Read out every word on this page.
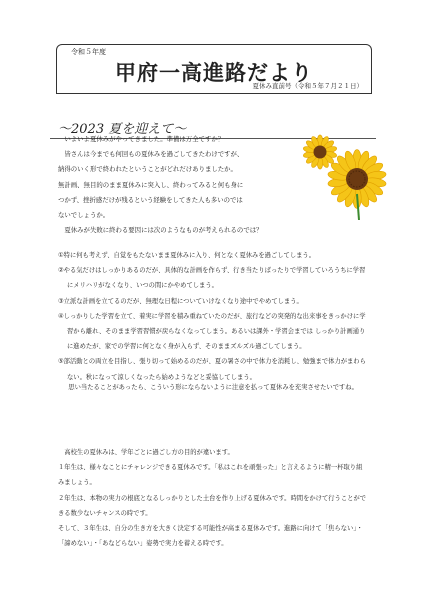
令和５年度
甲府一高進路だより
夏休み直前号（令和５年７月２１日）
～2023 夏を迎えて～
いよいよ夏休みがやってきました。準備は万全ですか？
皆さんは今までも何回もの夏休みを過ごしてきたわけですが、
納得のいく形で終われたということがどれだけありましたか。
無計画、無目的のまま夏休みに突入し、終わってみると何も身に
つかず、挫折感だけが残るという経験をしてきた人も多いのでは
ないでしょうか。
夏休みが失敗に終わる要因には次のようなものが考えられるのでは？
①特に何も考えず、自覚をもたないまま夏休みに入り、何となく夏休みを過ごしてしまう。
②やる気だけはしっかりあるのだが、具体的な計画を作らず、行き当たりばったりで学習していろうちに学習にメリハリがなくなり、いつの間にかやめてしまう。
③立派な計画を立てるのだが、無理な日程についていけなくなり途中でやめてしまう。
④しっかりした学習を立て、着実に学習を積み重ねていたのだが、旅行などの突発的な出来事をきっかけに学習から離れ、そのまま学習習慣が戻らなくなってしまう。あるいは課外・学習会までは しっかり計画通りに進めたが、家での学習に何となく身が入らず、そのままズルズル過ごしてしまう。
⑤部活動との両立を目指し、張り切って始めるのだが、夏の暑さの中で体力を消耗し、勉強まで体力がまわらない。秋になって涼しくなったら始めようなどと妥協してしまう。

思い当たることがあったら、こういう形にならないように注意を払って夏休みを充実させたいですね。

高校生の夏休みは、学年ごとに過ごし方の目的が違います。
１年生は、様々なことにチャレンジできる夏休みです。「私はこれを頑張った」と言えるように精一杯取り組みましょう。
２年生は、本物の実力の根底となるしっかりとした土台を作り上げる夏休みです。時間をかけて行うことができる数少ないチャンスの時です。
そして、３年生は、自分の生き方を大きく決定する可能性が高まる夏休みです。進路に向けて「焦らない」・「諦めない」・「あなどらない」姿勢で実力を蓄える時です。
